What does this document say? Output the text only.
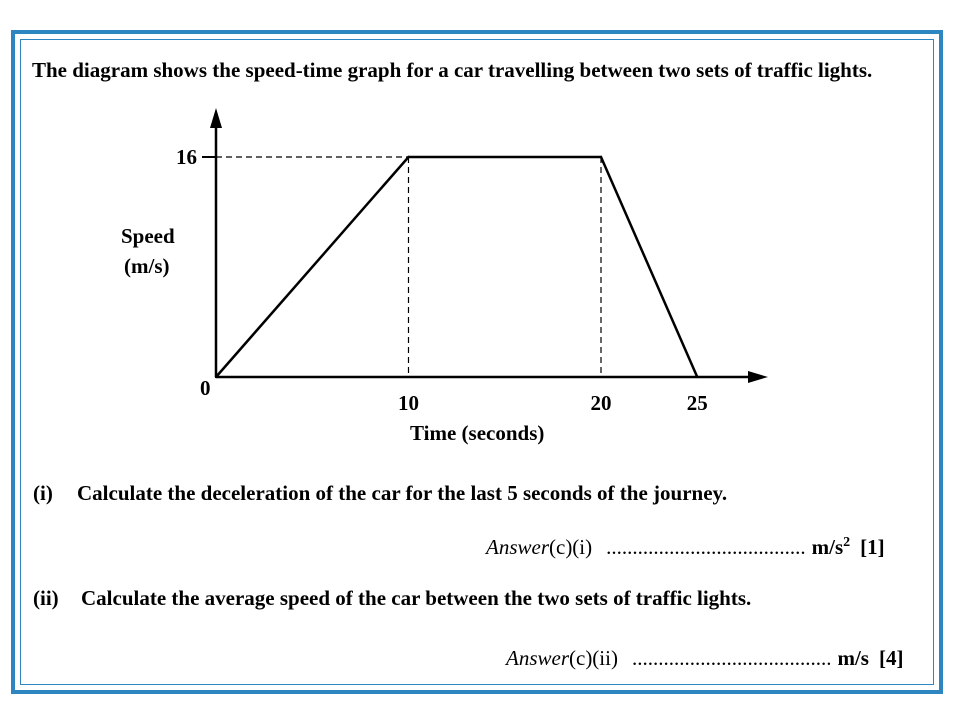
The diagram shows the speed-time graph for a car travelling between two sets of traffic lights.
16
10	20	25
0
Speed
(m/s)
Time (seconds)
(i) Calculate the deceleration of the car for the last 5 seconds of the journey.
Answer(c)(i) ...................................... $m/s^2$ [1]
(ii) Calculate the average speed of the car between the two sets of traffic lights.
Answer(c)(ii) ...................................... m/s [4]
